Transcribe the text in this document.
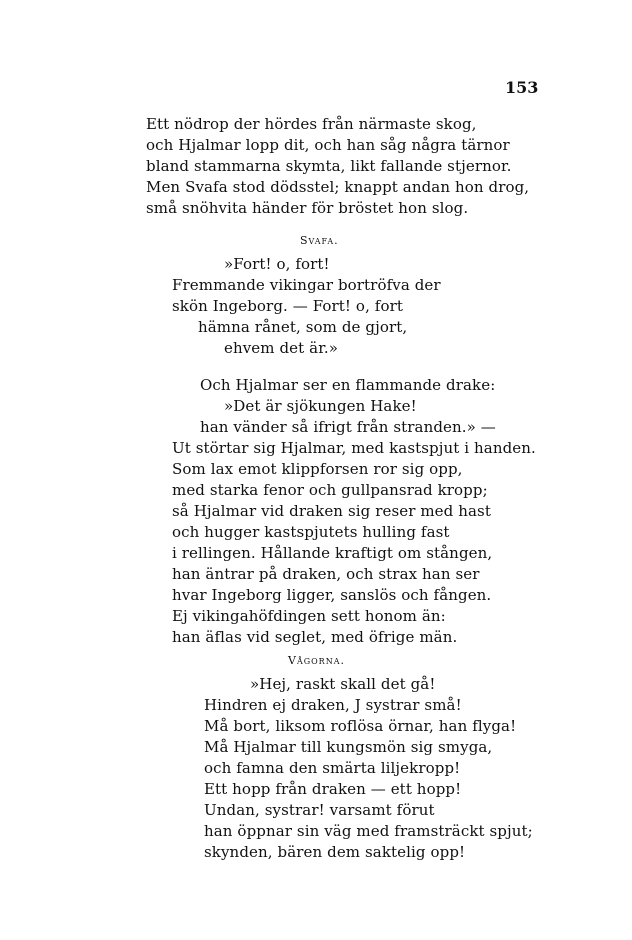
153
Ett nödrop der hördes från närmaste skog,
och Hjalmar lopp dit, och han såg några tärnor
bland stammarna skymta, likt fallande stjernor.
Men Svafa stod dödsstel; knappt andan hon drog,
små snöhvita händer för bröstet hon slog.
Svafa.
»Fort! o, fort!
Fremmande vikingar bortröfva der
skön Ingeborg. — Fort! o, fort
hämna rånet, som de gjort,
ehvem det är.»
Och Hjalmar ser en flammande drake:
»Det är sjökungen Hake!
han vänder så ifrigt från stranden.» —
Ut störtar sig Hjalmar, med kastspjut i handen.
Som lax emot klippforsen ror sig opp,
med starka fenor och gullpansrad kropp;
så Hjalmar vid draken sig reser med hast
och hugger kastspjutets hulling fast
i rellingen. Hållande kraftigt om stången,
han äntrar på draken, och strax han ser
hvar Ingeborg ligger, sanslös och fången.
Ej vikingahöfdingen sett honom än:
han äflas vid seglet, med öfrige män.
Vågorna.
»Hej, raskt skall det gå!
Hindren ej draken, J systrar små!
Må bort, liksom roflösa örnar, han flyga!
Må Hjalmar till kungsmön sig smyga,
och famna den smärta liljekropp!
Ett hopp från draken — ett hopp!
Undan, systrar! varsamt förut
han öppnar sin väg med framsträckt spjut;
skynden, bären dem saktelig opp!
